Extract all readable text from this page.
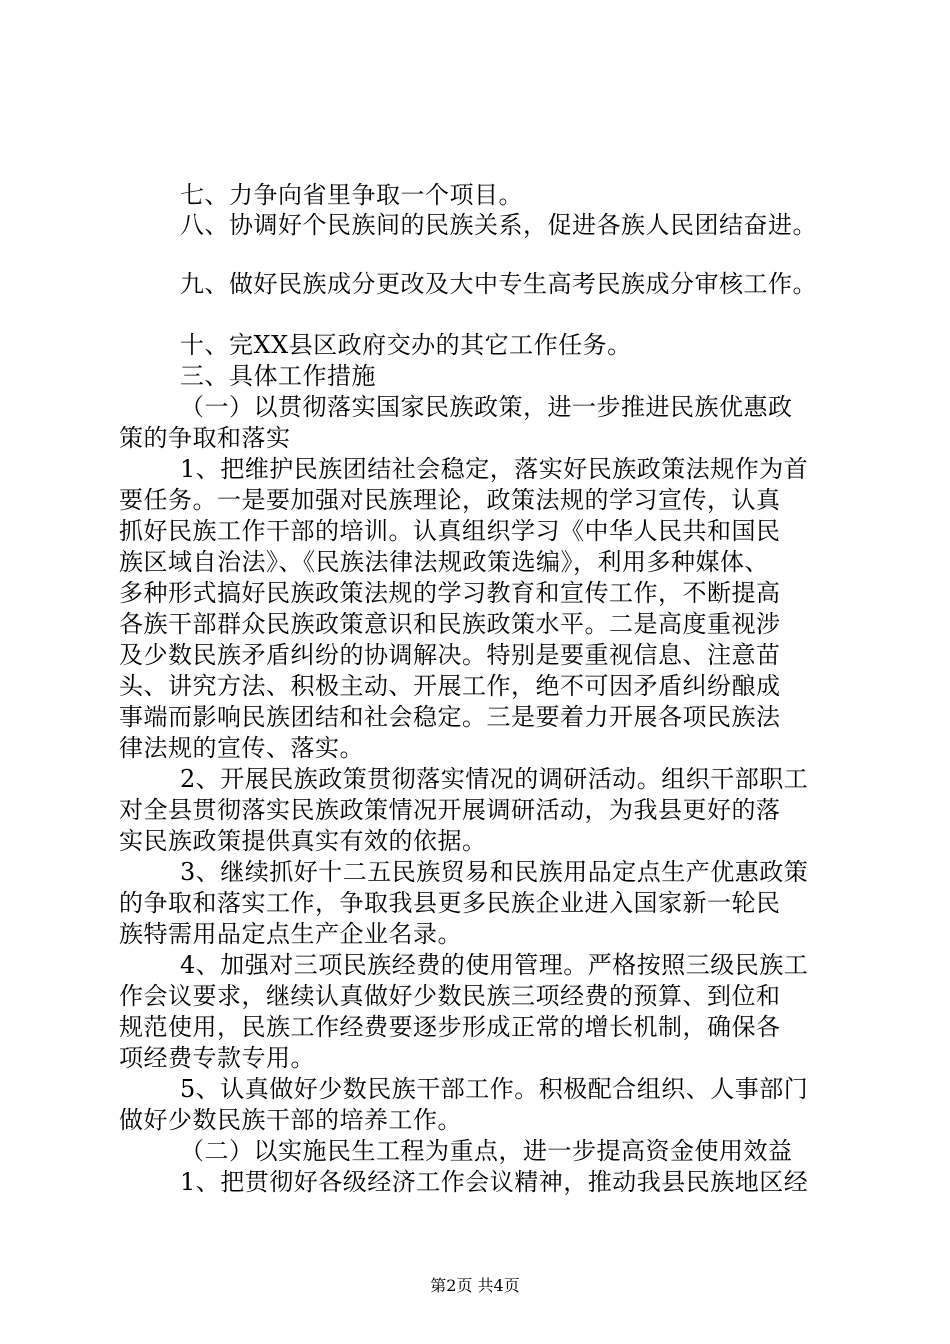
七、力争向省里争取一个项目。
八、协调好个民族间的民族关系，促进各族人民团结奋进。
九、做好民族成分更改及大中专生高考民族成分审核工作。
十、完XX县区政府交办的其它工作任务。
三、具体工作措施
（一）以贯彻落实国家民族政策，进一步推进民族优惠政
策的争取和落实
1、把维护民族团结社会稳定，落实好民族政策法规作为首
要任务。一是要加强对民族理论，政策法规的学习宣传，认真
抓好民族工作干部的培训。认真组织学习《中华人民共和国民
族区域自治法》、《民族法律法规政策选编》，利用多种媒体、
多种形式搞好民族政策法规的学习教育和宣传工作，不断提高
各族干部群众民族政策意识和民族政策水平。二是高度重视涉
及少数民族矛盾纠纷的协调解决。特别是要重视信息、注意苗
头、讲究方法、积极主动、开展工作，绝不可因矛盾纠纷酿成
事端而影响民族团结和社会稳定。三是要着力开展各项民族法
律法规的宣传、落实。
2、开展民族政策贯彻落实情况的调研活动。组织干部职工
对全县贯彻落实民族政策情况开展调研活动，为我县更好的落
实民族政策提供真实有效的依据。
3、继续抓好十二五民族贸易和民族用品定点生产优惠政策
的争取和落实工作，争取我县更多民族企业进入国家新一轮民
族特需用品定点生产企业名录。
4、加强对三项民族经费的使用管理。严格按照三级民族工
作会议要求，继续认真做好少数民族三项经费的预算、到位和
规范使用，民族工作经费要逐步形成正常的增长机制，确保各
项经费专款专用。
5、认真做好少数民族干部工作。积极配合组织、人事部门
做好少数民族干部的培养工作。
（二）以实施民生工程为重点，进一步提高资金使用效益
1、把贯彻好各级经济工作会议精神，推动我县民族地区经
第2页 共4页
